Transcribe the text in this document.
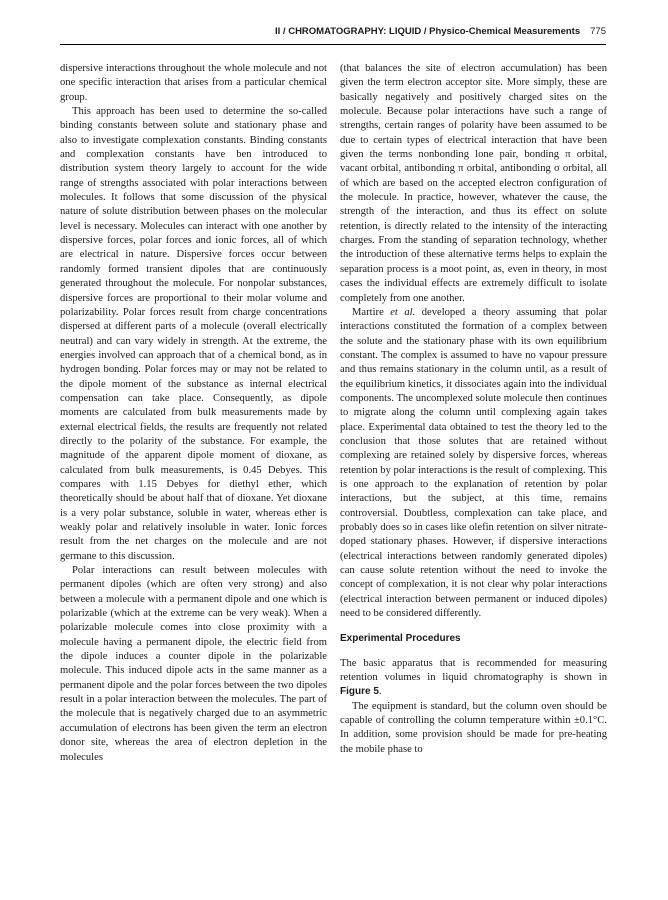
II / CHROMATOGRAPHY: LIQUID / Physico-Chemical Measurements 775

dispersive interactions throughout the whole molecule and not one specific interaction that arises from a particular chemical group.

This approach has been used to determine the so-called binding constants between solute and stationary phase and also to investigate complexation constants. Binding constants and complexation constants have ben introduced to distribution system theory largely to account for the wide range of strengths associated with polar interactions between molecules. It follows that some discussion of the physical nature of solute distribution between phases on the molecular level is necessary. Molecules can interact with one another by dispersive forces, polar forces and ionic forces, all of which are electrical in nature. Dispersive forces occur between randomly formed transient dipoles that are continuously generated throughout the molecule. For nonpolar substances, dispersive forces are proportional to their molar volume and polarizability. Polar forces result from charge concentrations dispersed at different parts of a molecule (overall electrically neutral) and can vary widely in strength. At the extreme, the energies involved can approach that of a chemical bond, as in hydrogen bonding. Polar forces may or may not be related to the dipole moment of the substance as internal electrical compensation can take place. Consequently, as dipole moments are calculated from bulk measurements made by external electrical fields, the results are frequently not related directly to the polarity of the substance. For example, the magnitude of the apparent dipole moment of dioxane, as calculated from bulk measurements, is 0.45 Debyes. This compares with 1.15 Debyes for diethyl ether, which theoretically should be about half that of dioxane. Yet dioxane is a very polar substance, soluble in water, whereas ether is weakly polar and relatively insoluble in water. Ionic forces result from the net charges on the molecule and are not germane to this discussion.

Polar interactions can result between molecules with permanent dipoles (which are often very strong) and also between a molecule with a permanent dipole and one which is polarizable (which at the extreme can be very weak). When a polarizable molecule comes into close proximity with a molecule having a permanent dipole, the electric field from the dipole induces a counter dipole in the polarizable molecule. This induced dipole acts in the same manner as a permanent dipole and the polar forces between the two dipoles result in a polar interaction between the molecules. The part of the molecule that is negatively charged due to an asymmetric accumulation of electrons has been given the term an electron donor site, whereas the area of electron depletion in the molecules

(that balances the site of electron accumulation) has been given the term electron acceptor site. More simply, these are basically negatively and positively charged sites on the molecule. Because polar interactions have such a range of strengths, certain ranges of polarity have been assumed to be due to certain types of electrical interaction that have been given the terms nonbonding lone pair, bonding π orbital, vacant orbital, antibonding π orbital, antibonding σ orbital, all of which are based on the accepted electron configuration of the molecule. In practice, however, whatever the cause, the strength of the interaction, and thus its effect on solute retention, is directly related to the intensity of the interacting charges. From the standing of separation technology, whether the introduction of these alternative terms helps to explain the separation process is a moot point, as, even in theory, in most cases the individual effects are extremely difficult to isolate completely from one another.

Martire et al. developed a theory assuming that polar interactions constituted the formation of a complex between the solute and the stationary phase with its own equilibrium constant. The complex is assumed to have no vapour pressure and thus remains stationary in the column until, as a result of the equilibrium kinetics, it dissociates again into the individual components. The uncomplexed solute molecule then continues to migrate along the column until complexing again takes place. Experimental data obtained to test the theory led to the conclusion that those solutes that are retained without complexing are retained solely by dispersive forces, whereas retention by polar interactions is the result of complexing. This is one approach to the explanation of retention by polar interactions, but the subject, at this time, remains controversial. Doubtless, complexation can take place, and probably does so in cases like olefin retention on silver nitrate-doped stationary phases. However, if dispersive interactions (electrical interactions between randomly generated dipoles) can cause solute retention without the need to invoke the concept of complexation, it is not clear why polar interactions (electrical interaction between permanent or induced dipoles) need to be considered differently.

Experimental Procedures

The basic apparatus that is recommended for measuring retention volumes in liquid chromatography is shown in Figure 5.

The equipment is standard, but the column oven should be capable of controlling the column temperature within ±0.1°C. In addition, some provision should be made for pre-heating the mobile phase to
